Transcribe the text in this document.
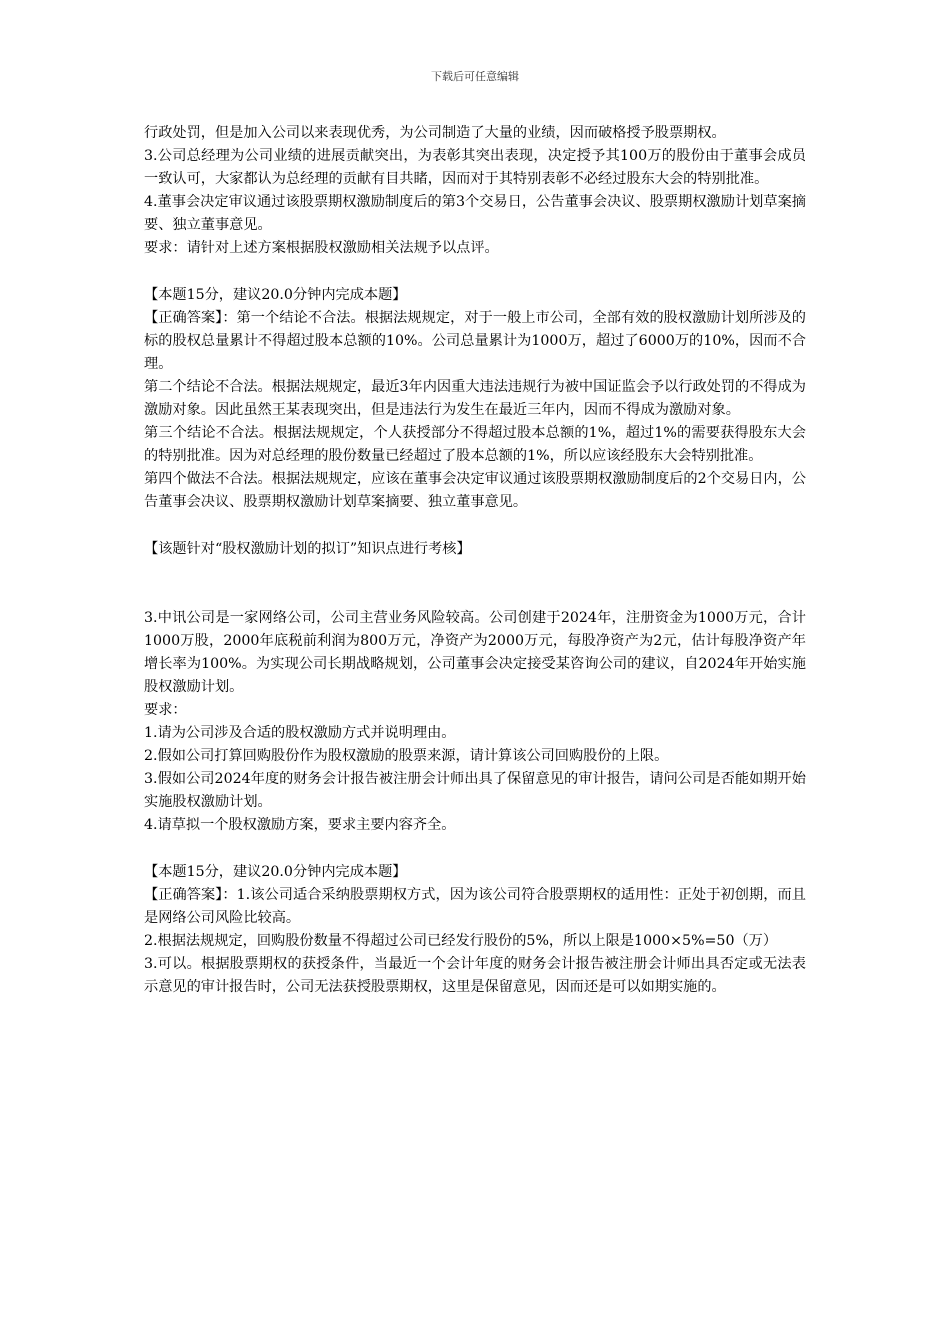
下载后可任意编辑

行政处罚，但是加入公司以来表现优秀，为公司制造了大量的业绩，因而破格授予股票期权。

3.公司总经理为公司业绩的进展贡献突出，为表彰其突出表现，决定授予其100万的股份由于董事会成员一致认可，大家都认为总经理的贡献有目共睹，因而对于其特别表彰不必经过股东大会的特别批准。

4.董事会决定审议通过该股票期权激励制度后的第3个交易日，公告董事会决议、股票期权激励计划草案摘要、独立董事意见。

要求：请针对上述方案根据股权激励相关法规予以点评。

【本题15分，建议20.0分钟内完成本题】

【正确答案】：第一个结论不合法。根据法规规定，对于一般上市公司，全部有效的股权激励计划所涉及的标的股权总量累计不得超过股本总额的10%。公司总量累计为1000万，超过了6000万的10%，因而不合理。

第二个结论不合法。根据法规规定，最近3年内因重大违法违规行为被中国证监会予以行政处罚的不得成为激励对象。因此虽然王某表现突出，但是违法行为发生在最近三年内，因而不得成为激励对象。

第三个结论不合法。根据法规规定，个人获授部分不得超过股本总额的1%，超过1%的需要获得股东大会的特别批准。因为对总经理的股份数量已经超过了股本总额的1%，所以应该经股东大会特别批准。

第四个做法不合法。根据法规规定，应该在董事会决定审议通过该股票期权激励制度后的2个交易日内，公告董事会决议、股票期权激励计划草案摘要、独立董事意见。

【该题针对“股权激励计划的拟订”知识点进行考核】

3.中讯公司是一家网络公司，公司主营业务风险较高。公司创建于2024年，注册资金为1000万元，合计1000万股，2000年底税前利润为800万元，净资产为2000万元，每股净资产为2元，估计每股净资产年增长率为100%。为实现公司长期战略规划，公司董事会决定接受某咨询公司的建议，自2024年开始实施股权激励计划。

要求：

1.请为公司涉及合适的股权激励方式并说明理由。

2.假如公司打算回购股份作为股权激励的股票来源，请计算该公司回购股份的上限。

3.假如公司2024年度的财务会计报告被注册会计师出具了保留意见的审计报告，请问公司是否能如期开始实施股权激励计划。

4.请草拟一个股权激励方案，要求主要内容齐全。

【本题15分，建议20.0分钟内完成本题】

【正确答案】：1.该公司适合采纳股票期权方式，因为该公司符合股票期权的适用性：正处于初创期，而且是网络公司风险比较高。

2.根据法规规定，回购股份数量不得超过公司已经发行股份的5%，所以上限是1000×5%=50（万）

3.可以。根据股票期权的获授条件，当最近一个会计年度的财务会计报告被注册会计师出具否定或无法表示意见的审计报告时，公司无法获授股票期权，这里是保留意见，因而还是可以如期实施的。
